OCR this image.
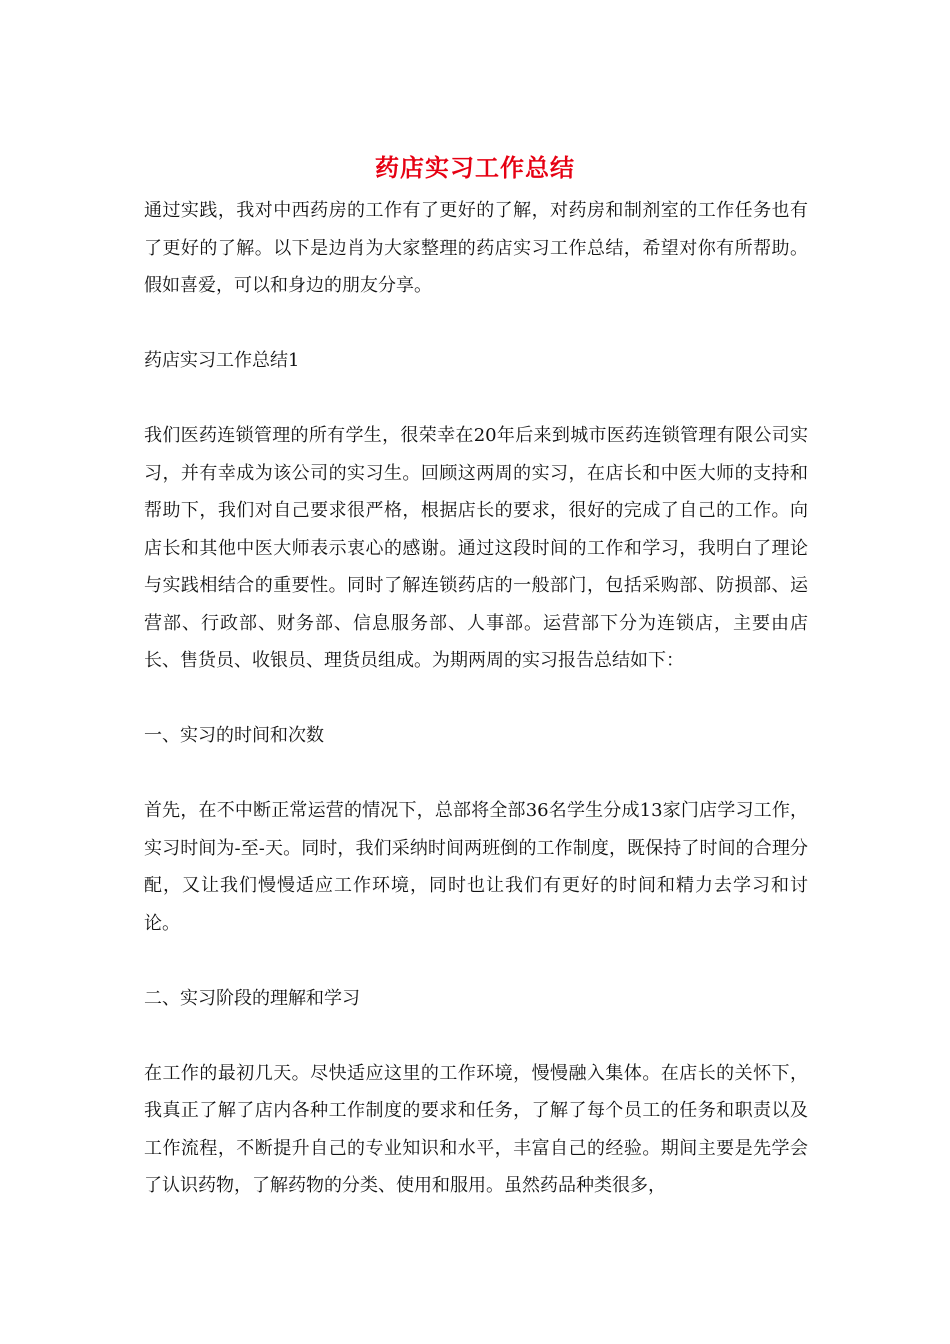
药店实习工作总结

通过实践，我对中西药房的工作有了更好的了解，对药房和制剂室的工作任务也有了更好的了解。以下是边肖为大家整理的药店实习工作总结，希望对你有所帮助。假如喜爱，可以和身边的朋友分享。

药店实习工作总结1

我们医药连锁管理的所有学生，很荣幸在20年后来到城市医药连锁管理有限公司实习，并有幸成为该公司的实习生。回顾这两周的实习，在店长和中医大师的支持和帮助下，我们对自己要求很严格，根据店长的要求，很好的完成了自己的工作。向店长和其他中医大师表示衷心的感谢。通过这段时间的工作和学习，我明白了理论与实践相结合的重要性。同时了解连锁药店的一般部门，包括采购部、防损部、运营部、行政部、财务部、信息服务部、人事部。运营部下分为连锁店，主要由店长、售货员、收银员、理货员组成。为期两周的实习报告总结如下：

一、实习的时间和次数

首先，在不中断正常运营的情况下，总部将全部36名学生分成13家门店学习工作，实习时间为-至-天。同时，我们采纳时间两班倒的工作制度，既保持了时间的合理分配，又让我们慢慢适应工作环境，同时也让我们有更好的时间和精力去学习和讨论。

二、实习阶段的理解和学习

在工作的最初几天。尽快适应这里的工作环境，慢慢融入集体。在店长的关怀下，我真正了解了店内各种工作制度的要求和任务，了解了每个员工的任务和职责以及工作流程，不断提升自己的专业知识和水平，丰富自己的经验。期间主要是先学会了认识药物，了解药物的分类、使用和服用。虽然药品种类很多，
